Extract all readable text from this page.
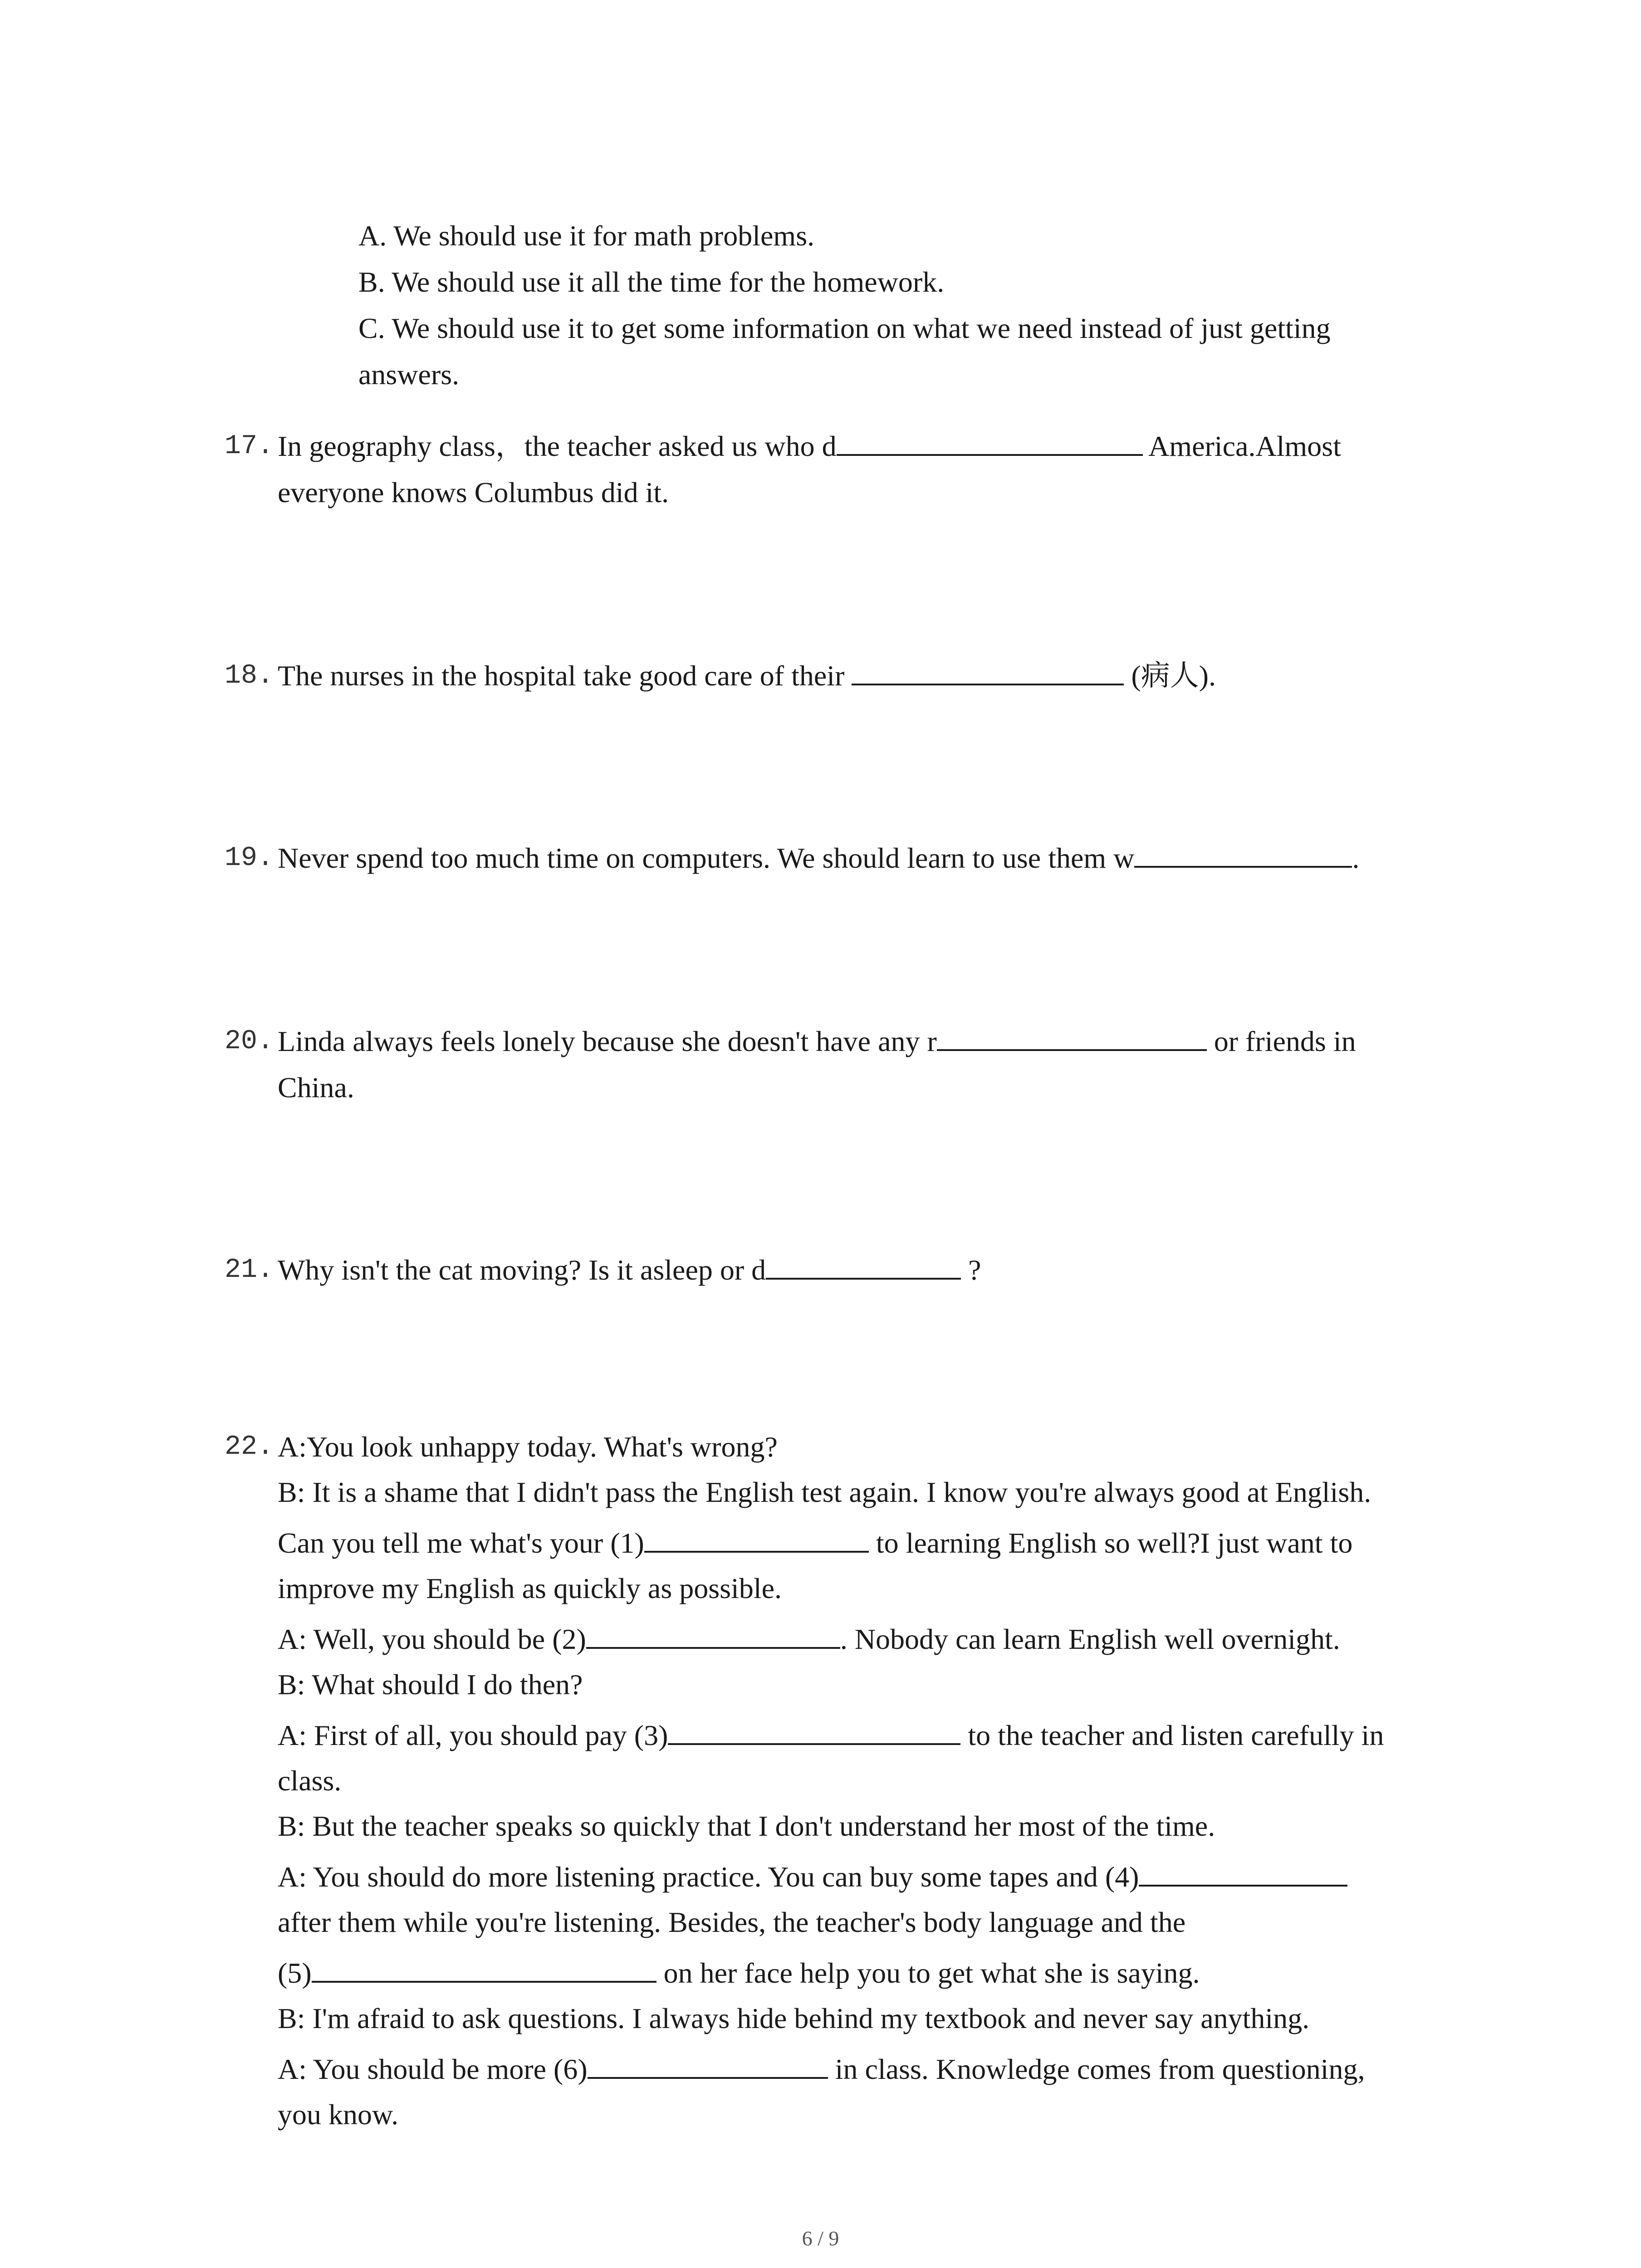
A. We should use it for math problems.
B. We should use it all the time for the homework.
C. We should use it to get some information on what we need instead of just getting
answers.
17. In geography class，the teacher asked us who d	America.Almost
everyone knows Columbus did it.
18. The nurses in the hospital take good care of their	(病人).
19. Never spend too much time on computers. We should learn to use them w	.
20. Linda always feels lonely because she doesn't have any r	or friends in
China.
21. Why isn't the cat moving? Is it asleep or d	?
22. A:You look unhappy today. What's wrong?
B: It is a shame that I didn't pass the English test again. I know you're always good at English.
Can you tell me what's your (1)	to learning English so well?I just want to
improve my English as quickly as possible.
A: Well, you should be (2)	. Nobody can learn English well overnight.
B: What should I do then?
A: First of all, you should pay (3)	to the teacher and listen carefully in
class.
B: But the teacher speaks so quickly that I don't understand her most of the time.
A: You should do more listening practice. You can buy some tapes and (4)
after them while you're listening. Besides, the teacher's body language and the
(5)	on her face help you to get what she is saying.
B: I'm afraid to ask questions. I always hide behind my textbook and never say anything.
A: You should be more (6)	in class. Knowledge comes from questioning,
you know.
6 / 9
